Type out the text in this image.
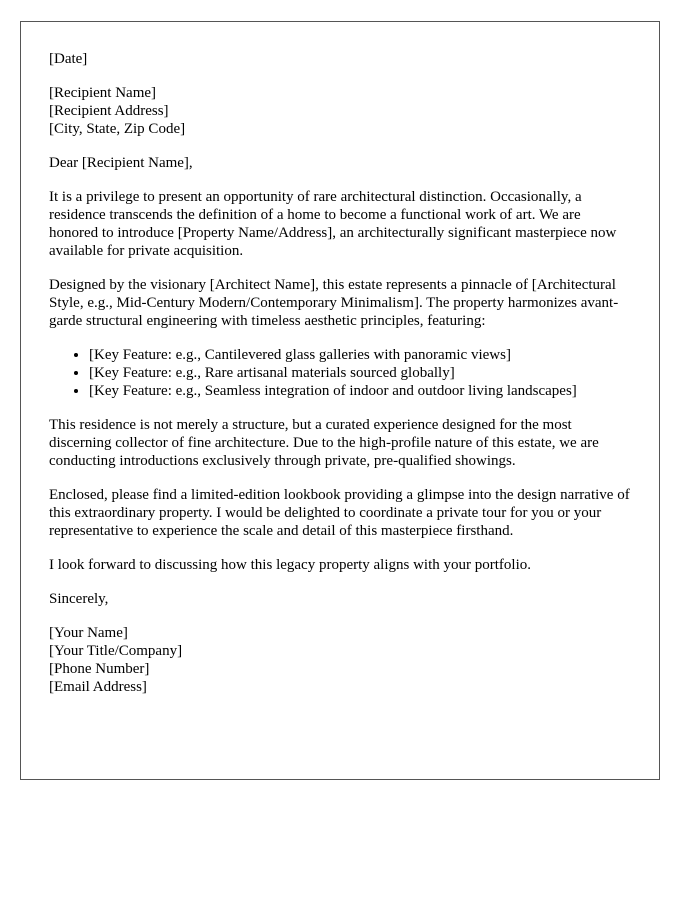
[Date]

[Recipient Name]
[Recipient Address]
[City, State, Zip Code]

Dear [Recipient Name],

It is a privilege to present an opportunity of rare architectural distinction. Occasionally, a residence transcends the definition of a home to become a functional work of art. We are honored to introduce [Property Name/Address], an architecturally significant masterpiece now available for private acquisition.

Designed by the visionary [Architect Name], this estate represents a pinnacle of [Architectural Style, e.g., Mid-Century Modern/Contemporary Minimalism]. The property harmonizes avant-garde structural engineering with timeless aesthetic principles, featuring:

• [Key Feature: e.g., Cantilevered glass galleries with panoramic views]
• [Key Feature: e.g., Rare artisanal materials sourced globally]
• [Key Feature: e.g., Seamless integration of indoor and outdoor living landscapes]

This residence is not merely a structure, but a curated experience designed for the most discerning collector of fine architecture. Due to the high-profile nature of this estate, we are conducting introductions exclusively through private, pre-qualified showings.

Enclosed, please find a limited-edition lookbook providing a glimpse into the design narrative of this extraordinary property. I would be delighted to coordinate a private tour for you or your representative to experience the scale and detail of this masterpiece firsthand.

I look forward to discussing how this legacy property aligns with your portfolio.

Sincerely,

[Your Name]
[Your Title/Company]
[Phone Number]
[Email Address]
